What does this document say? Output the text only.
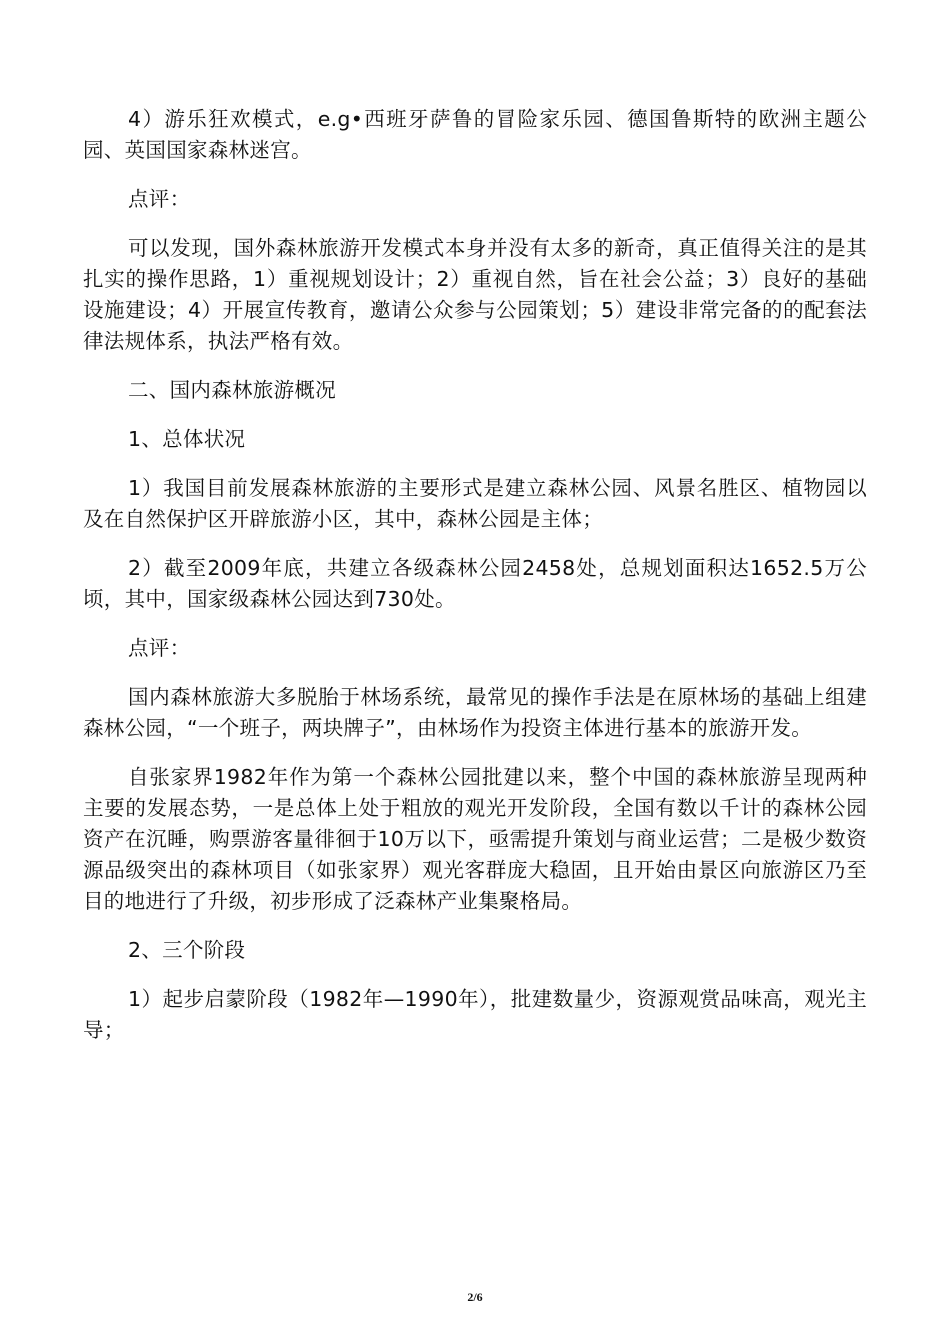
4）游乐狂欢模式，e.g•西班牙萨鲁的冒险家乐园、德国鲁斯特的欧洲主题公园、英国国家森林迷宫。

点评：

可以发现，国外森林旅游开发模式本身并没有太多的新奇，真正值得关注的是其扎实的操作思路，1）重视规划设计；2）重视自然，旨在社会公益；3）良好的基础设施建设；4）开展宣传教育，邀请公众参与公园策划；5）建设非常完备的的配套法律法规体系，执法严格有效。

二、国内森林旅游概况

1、总体状况

1）我国目前发展森林旅游的主要形式是建立森林公园、风景名胜区、植物园以及在自然保护区开辟旅游小区，其中，森林公园是主体；

2）截至2009年底，共建立各级森林公园2458处，总规划面积达1652.5万公顷，其中，国家级森林公园达到730处。

点评：

国内森林旅游大多脱胎于林场系统，最常见的操作手法是在原林场的基础上组建森林公园，“一个班子，两块牌子”，由林场作为投资主体进行基本的旅游开发。

自张家界1982年作为第一个森林公园批建以来，整个中国的森林旅游呈现两种主要的发展态势，一是总体上处于粗放的观光开发阶段，全国有数以千计的森林公园资产在沉睡，购票游客量徘徊于10万以下，亟需提升策划与商业运营；二是极少数资源品级突出的森林项目（如张家界）观光客群庞大稳固，且开始由景区向旅游区乃至目的地进行了升级，初步形成了泛森林产业集聚格局。

2、三个阶段

1）起步启蒙阶段（1982年—1990年），批建数量少，资源观赏品味高，观光主导；

2/6
